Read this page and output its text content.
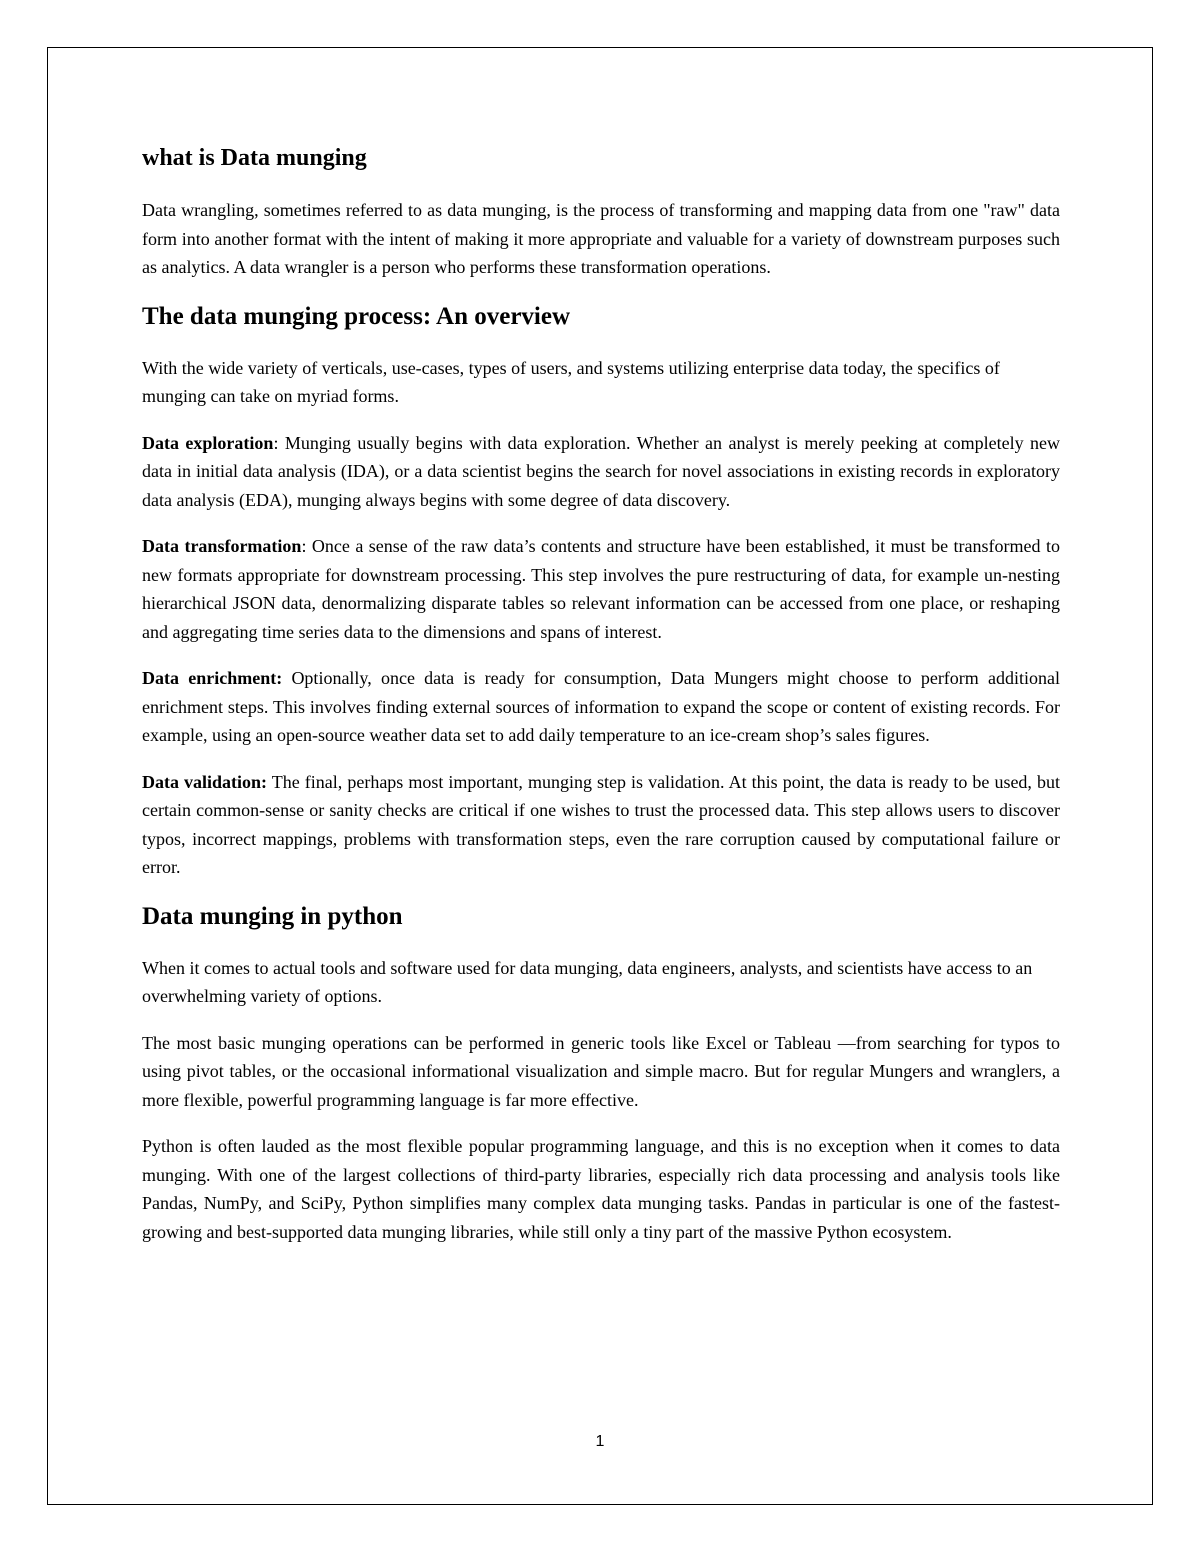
what is Data munging

Data wrangling, sometimes referred to as data munging, is the process of transforming and mapping data from one "raw" data form into another format with the intent of making it more appropriate and valuable for a variety of downstream purposes such as analytics. A data wrangler is a person who performs these transformation operations.

The data munging process: An overview

With the wide variety of verticals, use-cases, types of users, and systems utilizing enterprise data today, the specifics of munging can take on myriad forms.

Data exploration: Munging usually begins with data exploration. Whether an analyst is merely peeking at completely new data in initial data analysis (IDA), or a data scientist begins the search for novel associations in existing records in exploratory data analysis (EDA), munging always begins with some degree of data discovery.

Data transformation: Once a sense of the raw data’s contents and structure have been established, it must be transformed to new formats appropriate for downstream processing. This step involves the pure restructuring of data, for example un-nesting hierarchical JSON data, denormalizing disparate tables so relevant information can be accessed from one place, or reshaping and aggregating time series data to the dimensions and spans of interest.

Data enrichment: Optionally, once data is ready for consumption, Data Mungers might choose to perform additional enrichment steps. This involves finding external sources of information to expand the scope or content of existing records. For example, using an open-source weather data set to add daily temperature to an ice-cream shop’s sales figures.

Data validation: The final, perhaps most important, munging step is validation. At this point, the data is ready to be used, but certain common-sense or sanity checks are critical if one wishes to trust the processed data. This step allows users to discover typos, incorrect mappings, problems with transformation steps, even the rare corruption caused by computational failure or error.

Data munging in python

When it comes to actual tools and software used for data munging, data engineers, analysts, and scientists have access to an overwhelming variety of options.

The most basic munging operations can be performed in generic tools like Excel or Tableau —from searching for typos to using pivot tables, or the occasional informational visualization and simple macro. But for regular Mungers and wranglers, a more flexible, powerful programming language is far more effective.

Python is often lauded as the most flexible popular programming language, and this is no exception when it comes to data munging. With one of the largest collections of third-party libraries, especially rich data processing and analysis tools like Pandas, NumPy, and SciPy, Python simplifies many complex data munging tasks. Pandas in particular is one of the fastest-growing and best-supported data munging libraries, while still only a tiny part of the massive Python ecosystem.

1
